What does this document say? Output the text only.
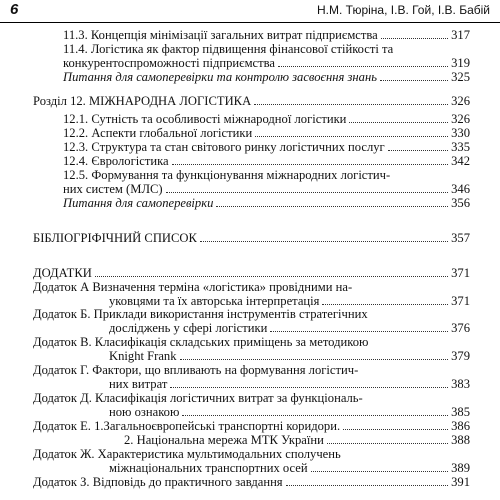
6	Н.М. Тюріна, І.В. Гой, І.В. Бабій
11.3. Концепція мінімізації загальних витрат підприємства	317
11.4. Логістика як фактор підвищення фінансової стійкості та
конкурентоспроможності підприємства	319
Питання для самоперевірки та контролю засвоєння знань	325
Розділ 12. МІЖНАРОДНА ЛОГІСТИКА	326
12.1. Сутність та особливості міжнародної логістики	326
12.2. Аспекти глобальної логістики	330
12.3. Структура та стан світового ринку логістичних послуг	335
12.4. Єврологістика	342
12.5. Формування та функціонування міжнародних логістич-
них систем (МЛС)	346
Питання для самоперевірки	356
БІБЛІОГРІФІЧНИЙ СПИСОК	357
ДОДАТКИ	371
Додаток А Визначення терміна «логістика» провідними на-
уковцями та їх авторська інтерпретація	371
Додаток Б. Приклади використання інструментів стратегічних
досліджень у сфері логістики	376
Додаток В. Класифікація складських приміщень за методикою
Knight Frank	379
Додаток Г. Фактори, що впливають на формування логістич-
них витрат	383
Додаток Д. Класифікація логістичних витрат за функціональ-
ною ознакою	385
Додаток Е. 1.Загальноєвропейські транспортні коридори.	386
2. Національна мережа МТК України	388
Додаток Ж. Характеристика мультимодальних сполучень
міжнаціональних транспортних осей	389
Додаток З. Відповідь до практичного завдання	391
